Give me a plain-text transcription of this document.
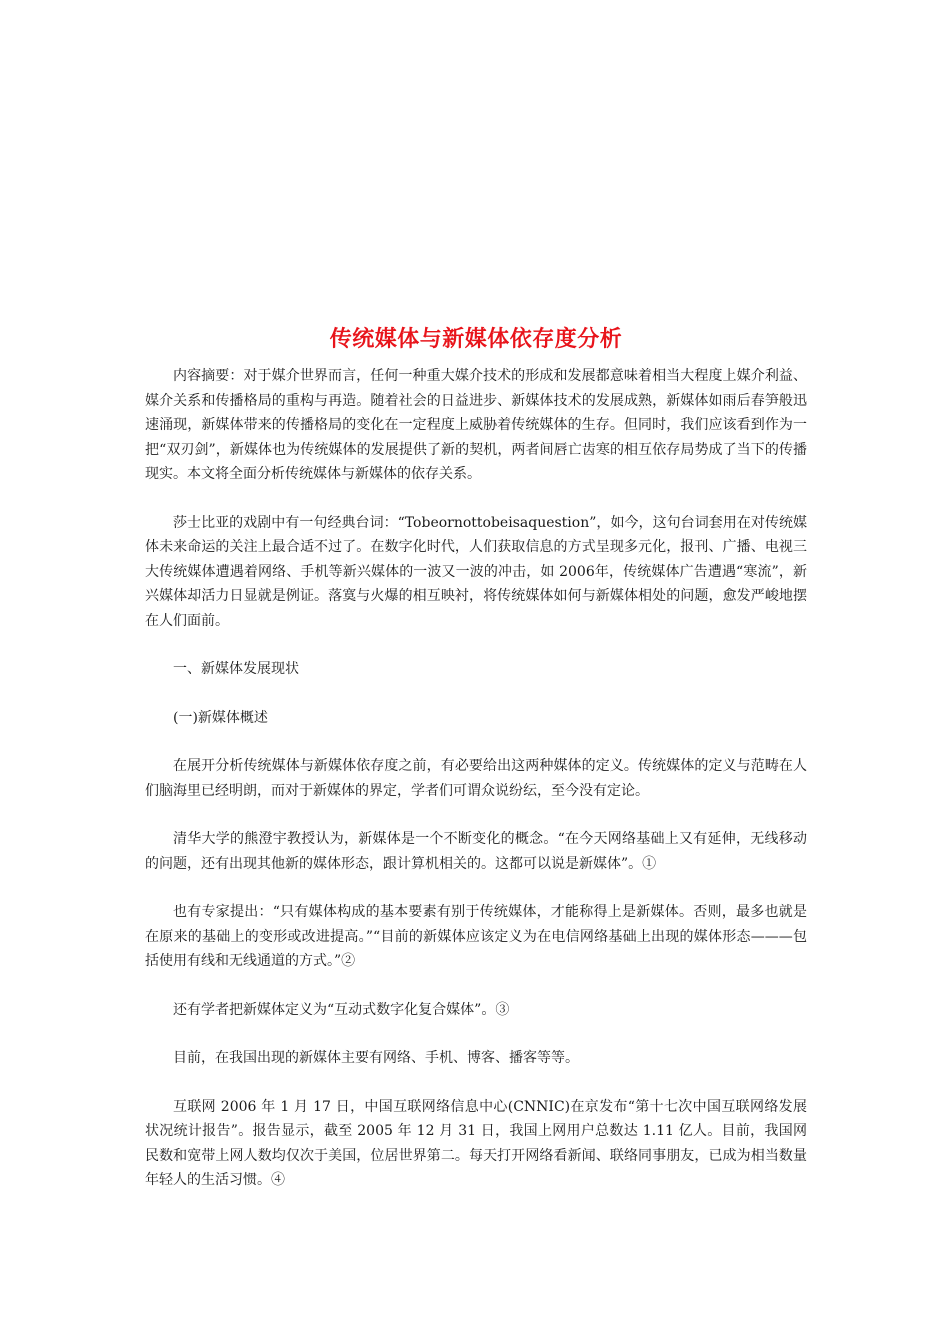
传统媒体与新媒体依存度分析

内容摘要：对于媒介世界而言，任何一种重大媒介技术的形成和发展都意味着相当大程度上媒介利益、媒介关系和传播格局的重构与再造。随着社会的日益进步、新媒体技术的发展成熟，新媒体如雨后春笋般迅速涌现，新媒体带来的传播格局的变化在一定程度上威胁着传统媒体的生存。但同时，我们应该看到作为一把“双刃剑”，新媒体也为传统媒体的发展提供了新的契机，两者间唇亡齿寒的相互依存局势成了当下的传播现实。本文将全面分析传统媒体与新媒体的依存关系。

莎士比亚的戏剧中有一句经典台词：“Tobeornottobeisaquestion”，如今，这句台词套用在对传统媒体未来命运的关注上最合适不过了。在数字化时代，人们获取信息的方式呈现多元化，报刊、广播、电视三大传统媒体遭遇着网络、手机等新兴媒体的一波又一波的冲击，如 2006年，传统媒体广告遭遇“寒流”，新兴媒体却活力日显就是例证。落寞与火爆的相互映衬，将传统媒体如何与新媒体相处的问题，愈发严峻地摆在人们面前。

一、新媒体发展现状

(一)新媒体概述

在展开分析传统媒体与新媒体依存度之前，有必要给出这两种媒体的定义。传统媒体的定义与范畴在人们脑海里已经明朗，而对于新媒体的界定，学者们可谓众说纷纭，至今没有定论。

清华大学的熊澄宇教授认为，新媒体是一个不断变化的概念。“在今天网络基础上又有延伸，无线移动的问题，还有出现其他新的媒体形态，跟计算机相关的。这都可以说是新媒体”。①

也有专家提出：“只有媒体构成的基本要素有别于传统媒体，才能称得上是新媒体。否则，最多也就是在原来的基础上的变形或改进提高。”“目前的新媒体应该定义为在电信网络基础上出现的媒体形态———包括使用有线和无线通道的方式。”②

还有学者把新媒体定义为“互动式数字化复合媒体”。③

目前，在我国出现的新媒体主要有网络、手机、博客、播客等等。

互联网 2006 年 1 月 17 日，中国互联网络信息中心(CNNIC)在京发布“第十七次中国互联网络发展状况统计报告”。报告显示，截至 2005 年 12 月 31 日，我国上网用户总数达 1.11 亿人。目前，我国网民数和宽带上网人数均仅次于美国，位居世界第二。每天打开网络看新闻、联络同事朋友，已成为相当数量年轻人的生活习惯。④
